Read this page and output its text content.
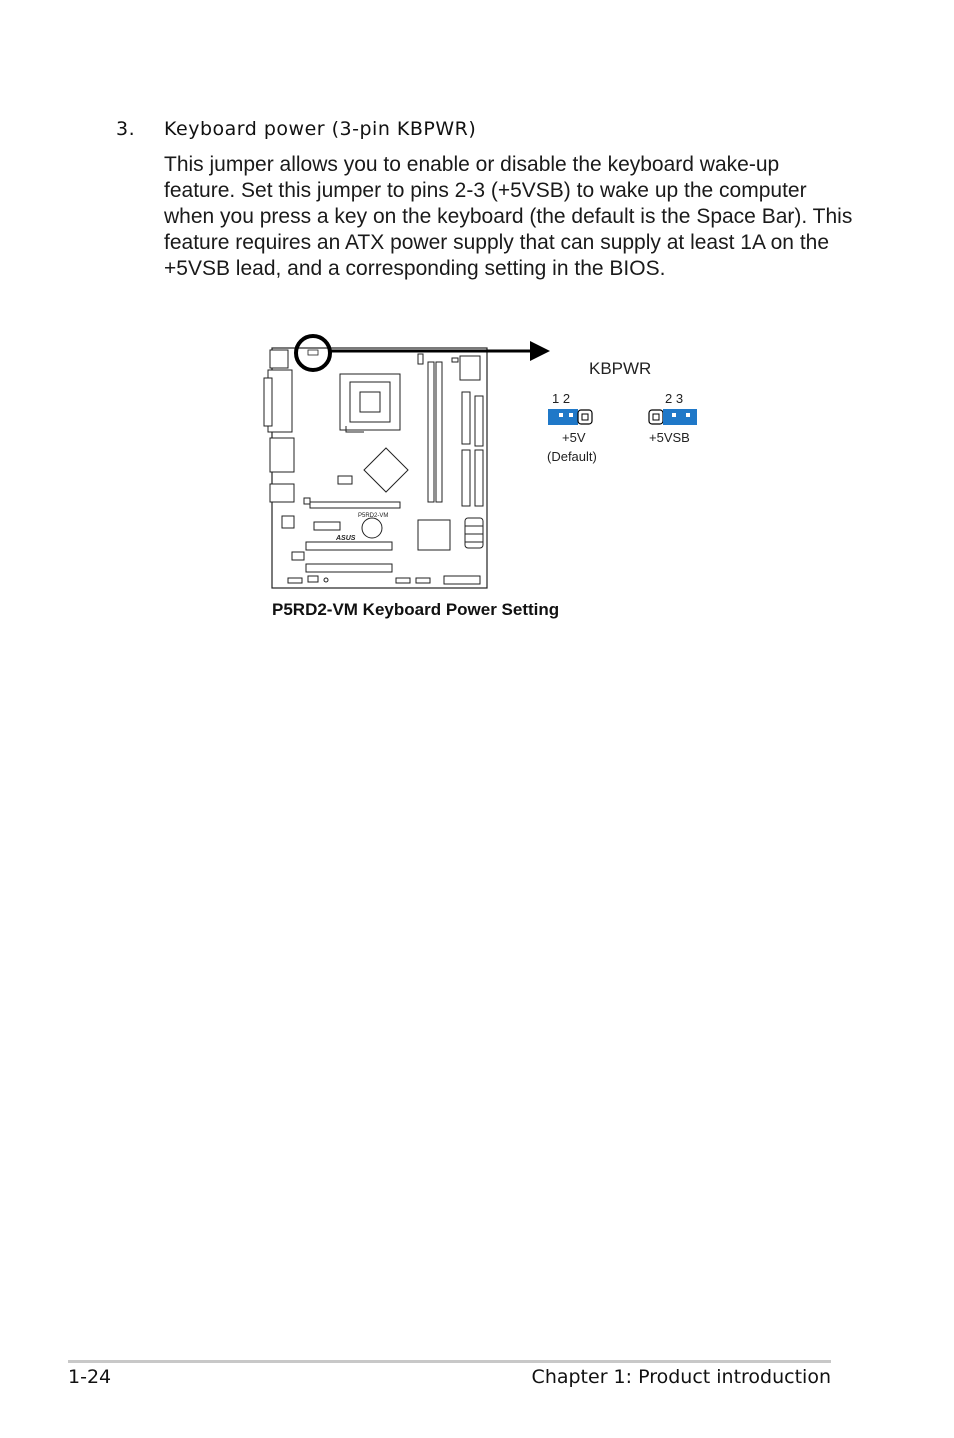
3. Keyboard power (3-pin KBPWR)
This jumper allows you to enable or disable the keyboard wake-up feature. Set this jumper to pins 2-3 (+5VSB) to wake up the computer when you press a key on the keyboard (the default is the Space Bar). This feature requires an ATX power supply that can supply at least 1A on the +5VSB lead, and a corresponding setting in the BIOS.
KBPWR
1 2	2 3
+5V
(Default)
+5VSB
P5RD2-VM
ASUS
P5RD2-VM Keyboard Power Setting
1-24	Chapter 1: Product introduction
